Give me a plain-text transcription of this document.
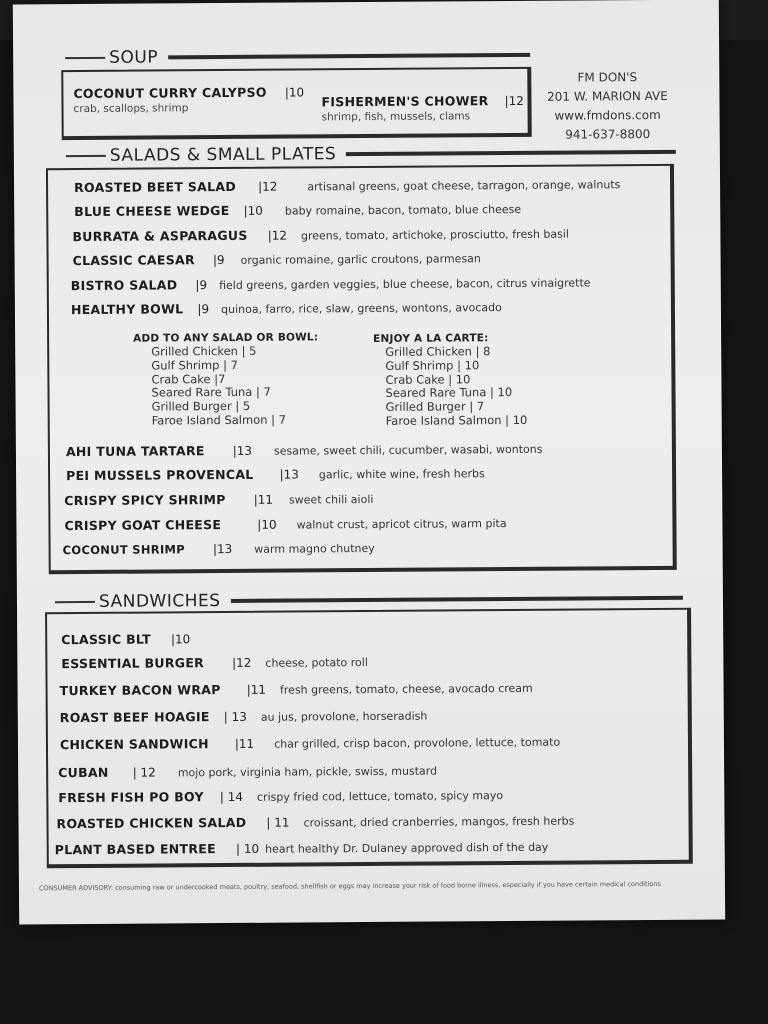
SOUP
COCONUT CURRY CALYPSO |10
crab, scallops, shrimp	FISHERMEN'S CHOWER |12
shrimp, fish, mussels, clams
FM DON'S
201 W. MARION AVE
www.fmdons.com
941-637-8800
SALADS & SMALL PLATES
ROASTED BEET SALAD |12	artisanal greens, goat cheese, tarragon, orange, walnuts
BLUE CHEESE WEDGE |10 baby romaine, bacon, tomato, blue cheese
BURRATA & ASPARAGUS |12 greens, tomato, artichoke, prosciutto, fresh basil
CLASSIC CAESAR |9 organic romaine, garlic croutons, parmesan
BISTRO SALAD |9 field greens, garden veggies, blue cheese, bacon, citrus vinaigrette
HEALTHY BOWL |9 quinoa, farro, rice, slaw, greens, wontons, avocado
ADD TO ANY SALAD OR BOWL:
Grilled Chicken | 5
Gulf Shrimp | 7
Crab Cake |7
Seared Rare Tuna | 7
Grilled Burger | 5
Faroe Island Salmon | 7
ENJOY A LA CARTE:
Grilled Chicken | 8
Gulf Shrimp | 10
Crab Cake | 10
Seared Rare Tuna | 10
Grilled Burger | 7
Faroe Island Salmon | 10
AHI TUNA TARTARE |13 sesame, sweet chili, cucumber, wasabi, wontons
PEI MUSSELS PROVENCAL |13 garlic, white wine, fresh herbs
CRISPY SPICY SHRIMP |11 sweet chili aioli
CRISPY GOAT CHEESE	|10 walnut crust, apricot citrus, warm pita
COCONUT SHRIMP |13 warm magno chutney
SANDWICHES
CLASSIC BLT |10
ESSENTIAL BURGER |12 cheese, potato roll
TURKEY BACON WRAP |11 fresh greens, tomato, cheese, avocado cream
ROAST BEEF HOAGIE | 13 au jus, provolone, horseradish
CHICKEN SANDWICH |11 char grilled, crisp bacon, provolone, lettuce, tomato
CUBAN | 12 mojo pork, virginia ham, pickle, swiss, mustard
FRESH FISH PO BOY | 14 crispy fried cod, lettuce, tomato, spicy mayo
ROASTED CHICKEN SALAD | 11 croissant, dried cranberries, mangos, fresh herbs
PLANT BASED ENTREE | 10 heart healthy Dr. Dulaney approved dish of the day
CONSUMER ADVISORY: consuming raw or undercooked meats, poultry, seafood, shellfish or eggs may increase your risk of food borne illness, especially if you have certain medical conditions
